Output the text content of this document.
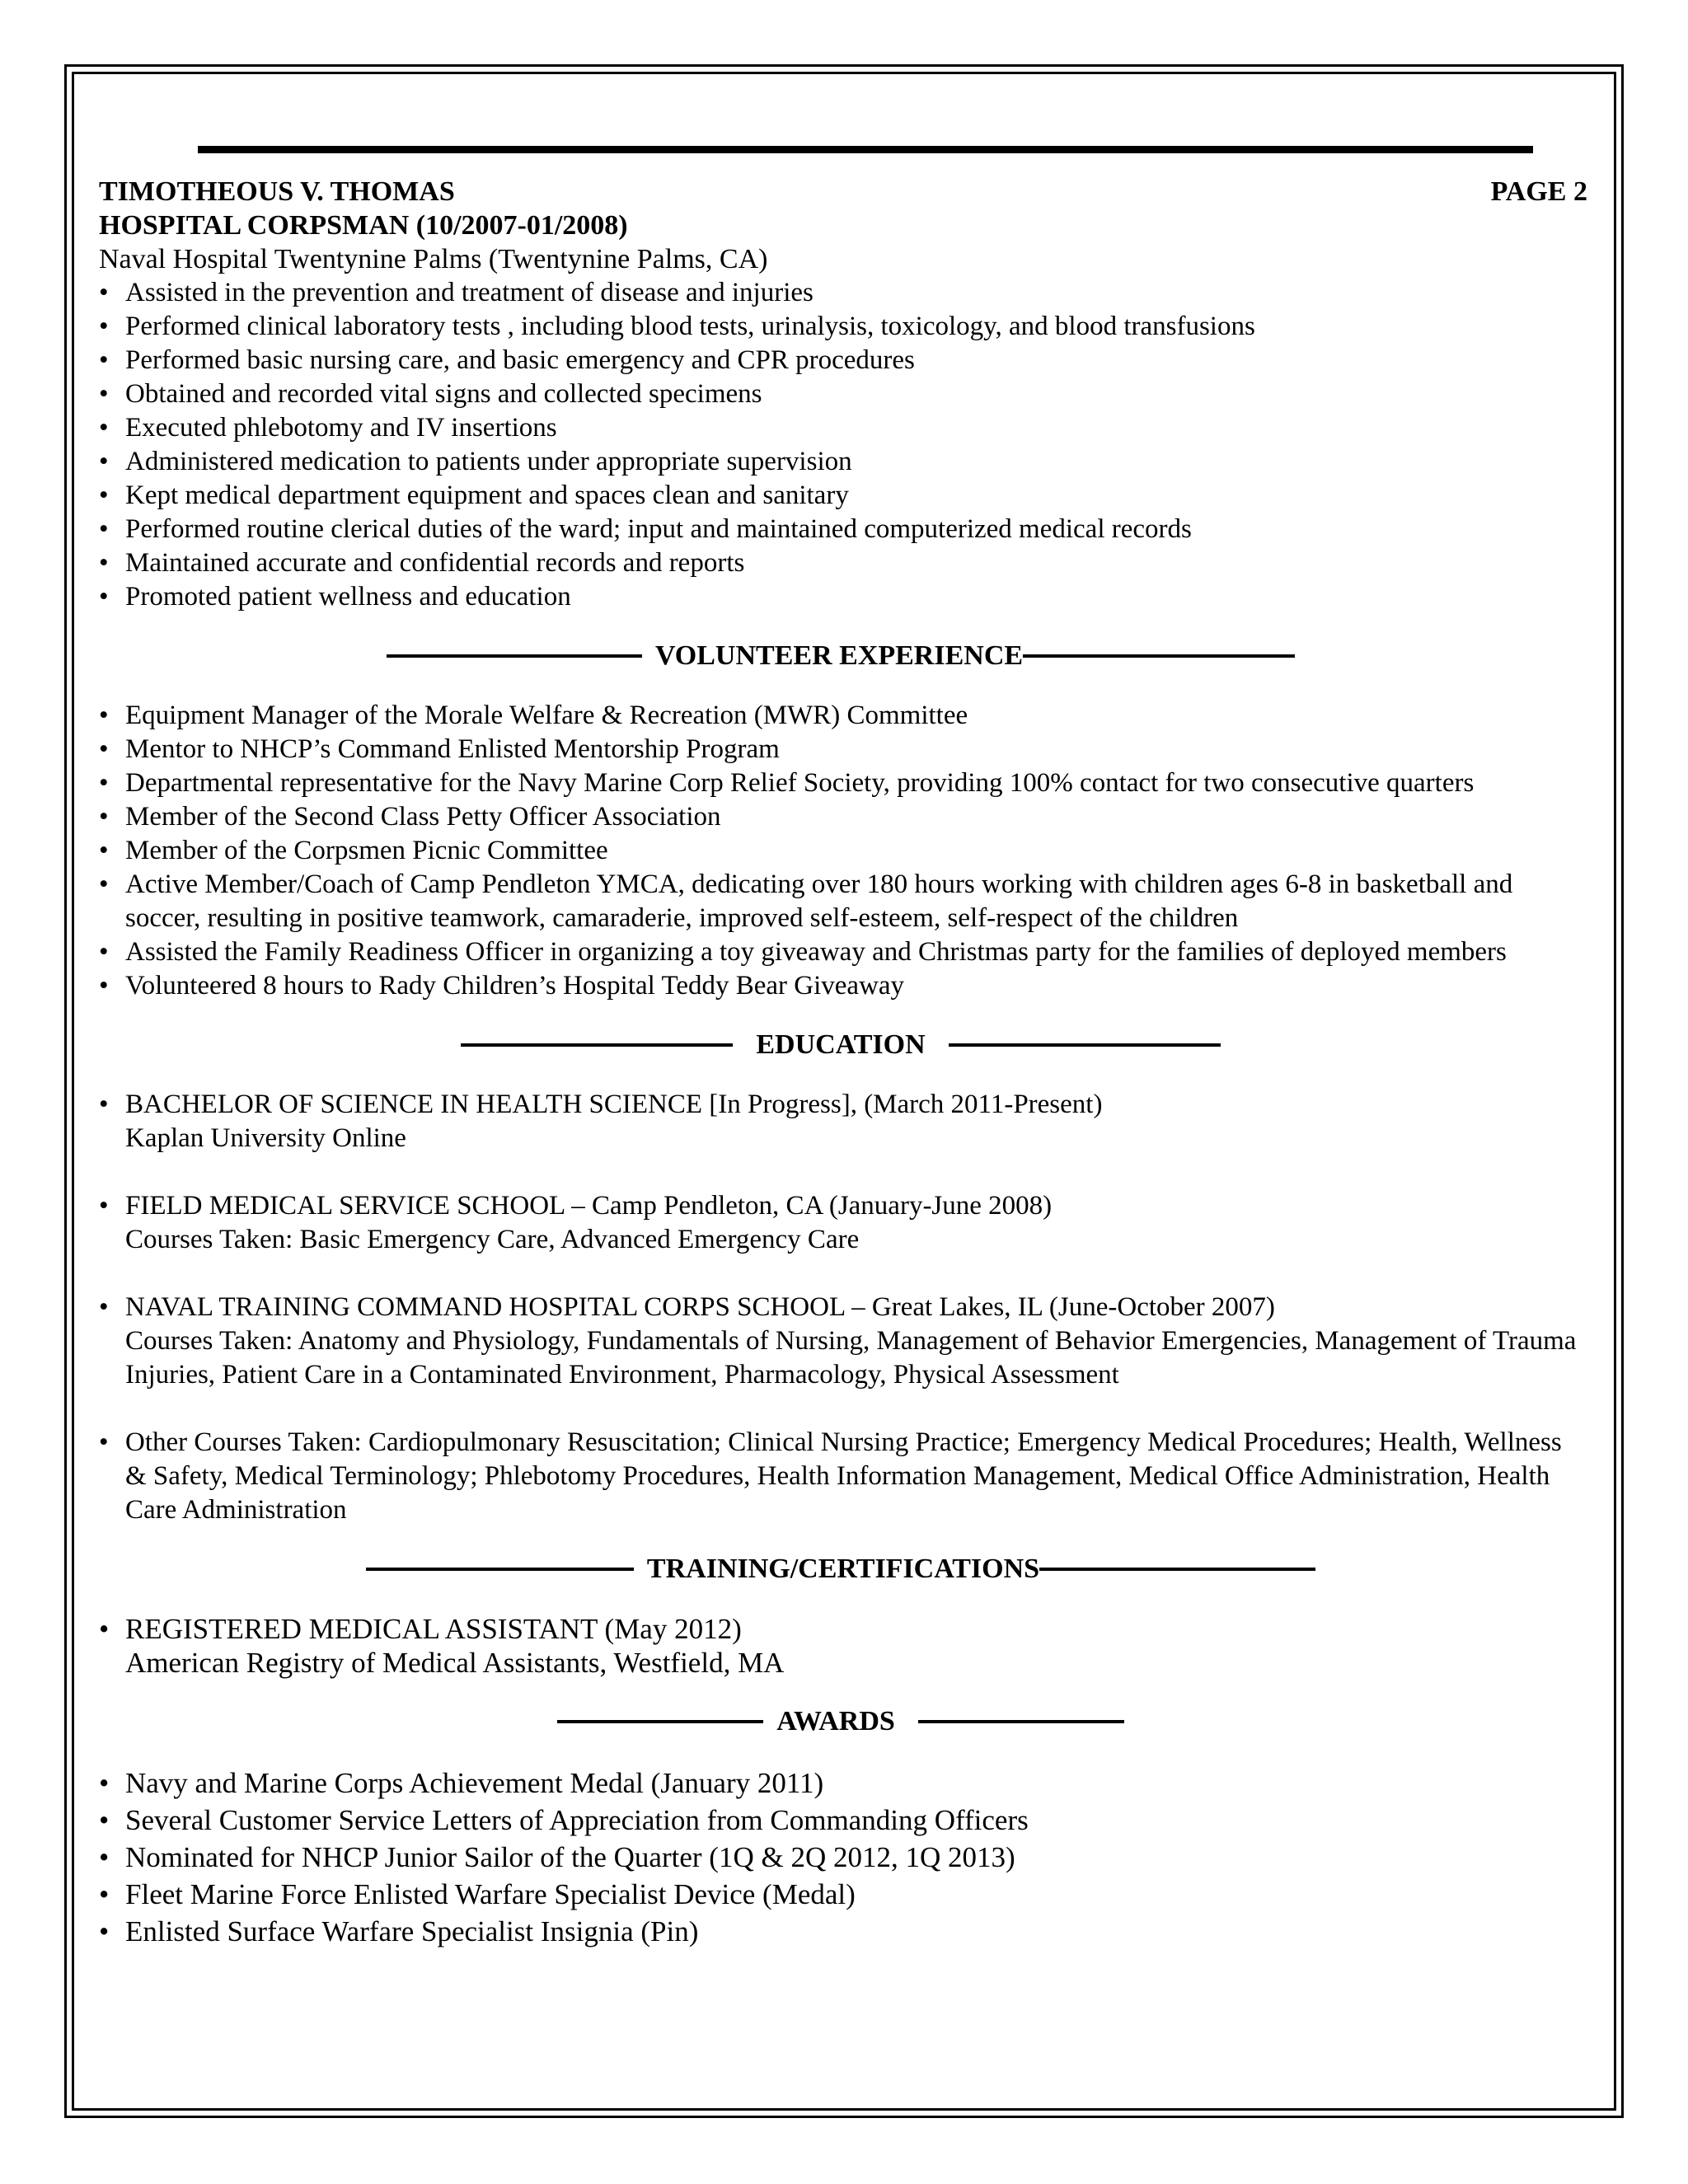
TIMOTHEOUS V. THOMAS	PAGE 2
HOSPITAL CORPSMAN (10/2007-01/2008)
Naval Hospital Twentynine Palms (Twentynine Palms, CA)
• Assisted in the prevention and treatment of disease and injuries
• Performed clinical laboratory tests , including blood tests, urinalysis, toxicology, and blood transfusions
• Performed basic nursing care, and basic emergency and CPR procedures
• Obtained and recorded vital signs and collected specimens
• Executed phlebotomy and IV insertions
• Administered medication to patients under appropriate supervision
• Kept medical department equipment and spaces clean and sanitary
• Performed routine clerical duties of the ward; input and maintained computerized medical records
• Maintained accurate and confidential records and reports
• Promoted patient wellness and education
VOLUNTEER EXPERIENCE
• Equipment Manager of the Morale Welfare & Recreation (MWR) Committee
• Mentor to NHCP’s Command Enlisted Mentorship Program
• Departmental representative for the Navy Marine Corp Relief Society, providing 100% contact for two consecutive quarters
• Member of the Second Class Petty Officer Association
• Member of the Corpsmen Picnic Committee
• Active Member/Coach of Camp Pendleton YMCA, dedicating over 180 hours working with children ages 6-8 in basketball and soccer, resulting in positive teamwork, camaraderie, improved self-esteem, self-respect of the children
• Assisted the Family Readiness Officer in organizing a toy giveaway and Christmas party for the families of deployed members
• Volunteered 8 hours to Rady Children’s Hospital Teddy Bear Giveaway
EDUCATION
• BACHELOR OF SCIENCE IN HEALTH SCIENCE [In Progress], (March 2011-Present)
Kaplan University Online
• FIELD MEDICAL SERVICE SCHOOL – Camp Pendleton, CA (January-June 2008)
Courses Taken: Basic Emergency Care, Advanced Emergency Care
• NAVAL TRAINING COMMAND HOSPITAL CORPS SCHOOL – Great Lakes, IL (June-October 2007)
Courses Taken: Anatomy and Physiology, Fundamentals of Nursing, Management of Behavior Emergencies, Management of Trauma Injuries, Patient Care in a Contaminated Environment, Pharmacology, Physical Assessment
• Other Courses Taken: Cardiopulmonary Resuscitation; Clinical Nursing Practice; Emergency Medical Procedures; Health, Wellness & Safety, Medical Terminology; Phlebotomy Procedures, Health Information Management, Medical Office Administration, Health Care Administration
TRAINING/CERTIFICATIONS
• REGISTERED MEDICAL ASSISTANT (May 2012)
American Registry of Medical Assistants, Westfield, MA
AWARDS
• Navy and Marine Corps Achievement Medal (January 2011)
• Several Customer Service Letters of Appreciation from Commanding Officers
• Nominated for NHCP Junior Sailor of the Quarter (1Q & 2Q 2012, 1Q 2013)
• Fleet Marine Force Enlisted Warfare Specialist Device (Medal)
• Enlisted Surface Warfare Specialist Insignia (Pin)
